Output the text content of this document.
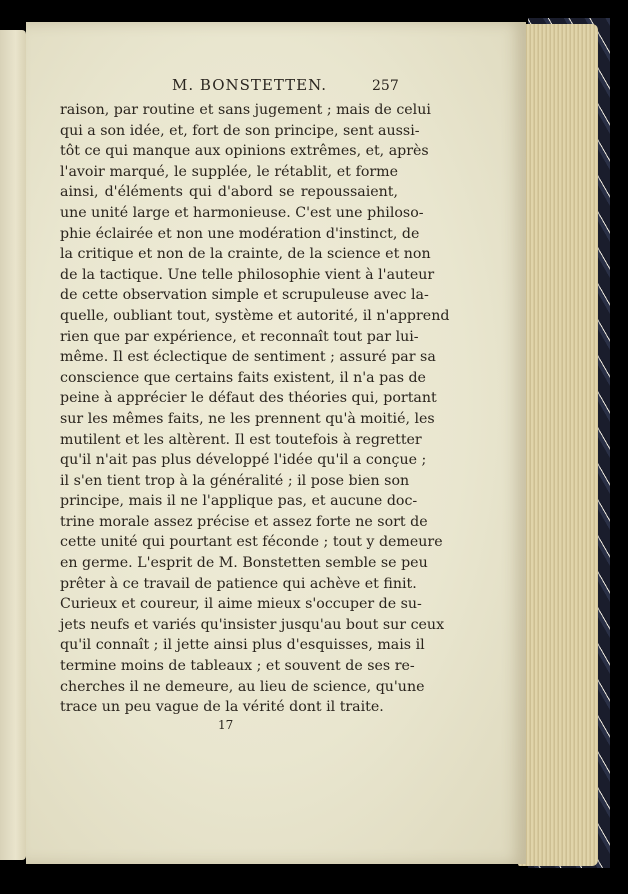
M. BONSTETTEN.	257
raison, par routine et sans jugement ; mais de celui
qui a son idée, et, fort de son principe, sent aussi-
tôt ce qui manque aux opinions extrêmes, et, après
l'avoir marqué, le supplée, le rétablit, et forme
ainsi, d'éléments qui d'abord se repoussaient,
une unité large et harmonieuse. C'est une philoso-
phie éclairée et non une modération d'instinct, de
la critique et non de la crainte, de la science et non
de la tactique. Une telle philosophie vient à l'auteur
de cette observation simple et scrupuleuse avec la-
quelle, oubliant tout, système et autorité, il n'apprend
rien que par expérience, et reconnaît tout par lui-
même. Il est éclectique de sentiment ; assuré par sa
conscience que certains faits existent, il n'a pas de
peine à apprécier le défaut des théories qui, portant
sur les mêmes faits, ne les prennent qu'à moitié, les
mutilent et les altèrent. Il est toutefois à regretter
qu'il n'ait pas plus développé l'idée qu'il a conçue ;
il s'en tient trop à la généralité ; il pose bien son
principe, mais il ne l'applique pas, et aucune doc-
trine morale assez précise et assez forte ne sort de
cette unité qui pourtant est féconde ; tout y demeure
en germe. L'esprit de M. Bonstetten semble se peu
prêter à ce travail de patience qui achève et finit.
Curieux et coureur, il aime mieux s'occuper de su-
jets neufs et variés qu'insister jusqu'au bout sur ceux
qu'il connaît ; il jette ainsi plus d'esquisses, mais il
termine moins de tableaux ; et souvent de ses re-
cherches il ne demeure, au lieu de science, qu'une
trace un peu vague de la vérité dont il traite.
17
